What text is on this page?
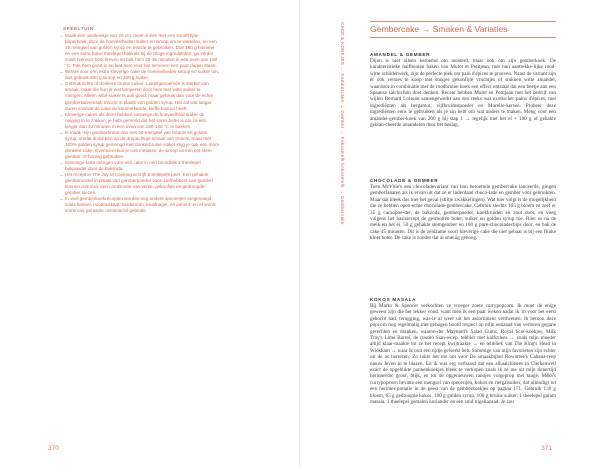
SPEELTUIN
→ Maak een uienkoekje van 20 cm, meel in één met een snoeft fijne peperkoek, door de hoeveelheden suiker en siroop om te wisselen, en een 15 mengsel van golden syrup en treacle te gebruiken. Doe 150 g hoeveel en een extra halve theelepel bakkels bij de droge ingrediënten, ga verder zoals hiervoor beschreven en bak hem 30-35 minuten in een oven van 160 °C. Pak hem goed in en laat hem voor het serveren een paar dagen staan.
→ Wissel voor een extra kleverige cake de hoeveelheden siroop en suiker om, dus gebruik 200 g siroop en 100 g suiker.
→ Gebruik lichte of donkere bruine suiker. Laatstgenoemde is sterker van smaak, maar die kun je wat temperen door hem met witte suiker te mengen. Alleen witte suiker is ook goed, maar gebruik dan voor de echte gemberkaleemsak treacle in plaats van golden syrup. Het zal wat langer duren voordat de cake de kenmerkende, kleffe textuur heeft.
→ Kleverige cakes als deze hebben vanwege de hoeveelheid suiker de neiging in te zakken; je hebt gemerkt dat het soms beter is om ze iets langer dan 40 minuten in een oven van 150-160 °C te bakken.
→ Ik maak mijn gemberbrood van een 50-mengsel van treacle en golden syrup, omdat ik dol ben op de dropachtige smaak van treacle, maar met 100% golden syrup gemengd met donkerbruine suiker krijg je ook een mooi donkere cake. Eventueel kun je ook melasse, de siroop uit een pot stem-gember, of honing gebruiken.
→ Sommige koks mengen voor een cake in een broodblik 1 theelepel bakpoeder door de baksoda.
→ Het recept in The Joy of Cooking schrijft 8 eetlepels peer. Een gehakte gemberwortel in plaats van gemberpoeder voor. Liefhebbers van gember kunnen ook voor een combinatie van verse, gekonfijte en gedroogde gember kiezen.
→ In veel gemberkoekrecepten worden nog andere specerijen toegevoegd, zoals kaneel, nootmuskaat, kardemom, kruidnagel, en piment, en er wordt soms ook geraspte citroenschil gebruikt.
370
CAKE & KOEKJES → Gembercake → Gember → Kokosmelk kokosmelk → Gembercake	Gembercake → Smaken & Variaties
AMANDEL & GEMBER

Dijon is niet alleen beroemd om mosterd, maar ook om zijn gemberkoek. De karakteristieke halfhouten baken van Mulot et Petitjean, met hun aantrekke-lijke rood-witte schilderwerk, zijn de perfecte plek om pain d'épices te proeven. Naast de variant zijn er ook versies te koop met stukjes gekonfijte vruchtjes of stukken witte amandel, waardoor in combinatie met de roodbruine koek een effect ontstaat dat een beetje aan een Spaanse salchichón doet denken. Recent hebben Mulot en Petitjean met het bedrijf van wijlen Bernard Loiseau samengewerkt aan een reeks wat exotischer pains d'épices, met ingrediënten als bergamot, vijfkruidenpoeder en Morello-kersen. Probeer deze ingrediënten eens te gebruiken als je zin hebt om wat anders te maken. Meng voor een amandel-gember-koek van 200 g bij stap 1 → tegelijk met het ei + 100 g of gebakte geblan-cheerde amandelen door het beslag.

CHOCOLADE & GEMBER

Toen McVitie's een chocoladevariant van hun beroemde gembercake lanceerde, gingen gemberfanaten als ik ervan uit dat ze er inderdaad choco-lade en gember voor gebruikten. Maar dat bleek dus niet het geval (stiltje zwakkelingen). Wat hier volgt is de mogelijkheid die ze hebben open-echte chocolade-gembercake. Gebruik slechts 165 g bloem en zeef er 35 g cacaopoe-der, de bakzoda, gemberpoeder, koekkruiden en zout door, en voeg volgens het basisrecept de gesmolten boter, suiker en golden syrup toe. Roer er na de melk en het ei, 50 g gehakte stemgember en 100 g pure-chocoladechips door, en bak de cake 45 minuten. Dit is de zeldzame soort kleverige cake die niet gebaat is bij een flinke kloet boter. De cake is zonder dat al smeuïg genoeg.

KOKOS MASALA

Bij Marks & Spencer verkochten ze vroeger zoete currypopcorn. Ik moet de enige geweest zijn die het lekker vond, want toen ik een paar weken nadat ik 'm voor het eerst gekocht had, terugging, was-ie al weer uit het assortiment verdwenen. Ik betoon deze popcorn nog regelmatig met gebogen hoofd respect op mijn eenzaad van verloren gegane gerechten en dranken, waaron-der Maynard's Salad Gums, Royal Scot-koekjes, Milk Tray's Lime Barrel, de (oude) Sian-recep, tebbler met kalfsvlees → zoals mijn moeder altijd klaar-maakte tot ze het recept kwijtraakte → en tebbliek van The King's Head in Wickham → waar ik ooit een tijdje gewerkt heb. Sommige van mijn favorieten zijn echter uit de as herrezen. Zo lukte het me om voor De smaakbijbel Rowntree's Cabana-reep nieuw leven in te blazen. En ik was erg verbaasd dat een alhaalchinees in Clerkenwell exact de opgeblikte pannenkoekjes bleek te verkopen zoals ik ze me uit mijn tienertijd herinnerde: groot, blijk, en tot de opgenieuwen randjes volgeprop met taugé. M&S's currypopcorn bevatte een mengsel van specerijen, kokos en rietgalsuiker, dat uitnodigt tot een herinter-pretatie in de geest van de gemberkoekjes op pagina 171. Gebruik 130 g bloem, 65 g gedroogde kokos, 100 g golden syrup, 100 g bruine suiker, 1 theelepel garam masala, 1 theelepel gemalen koriander en een snuf nigellazaad. Je zou

371
